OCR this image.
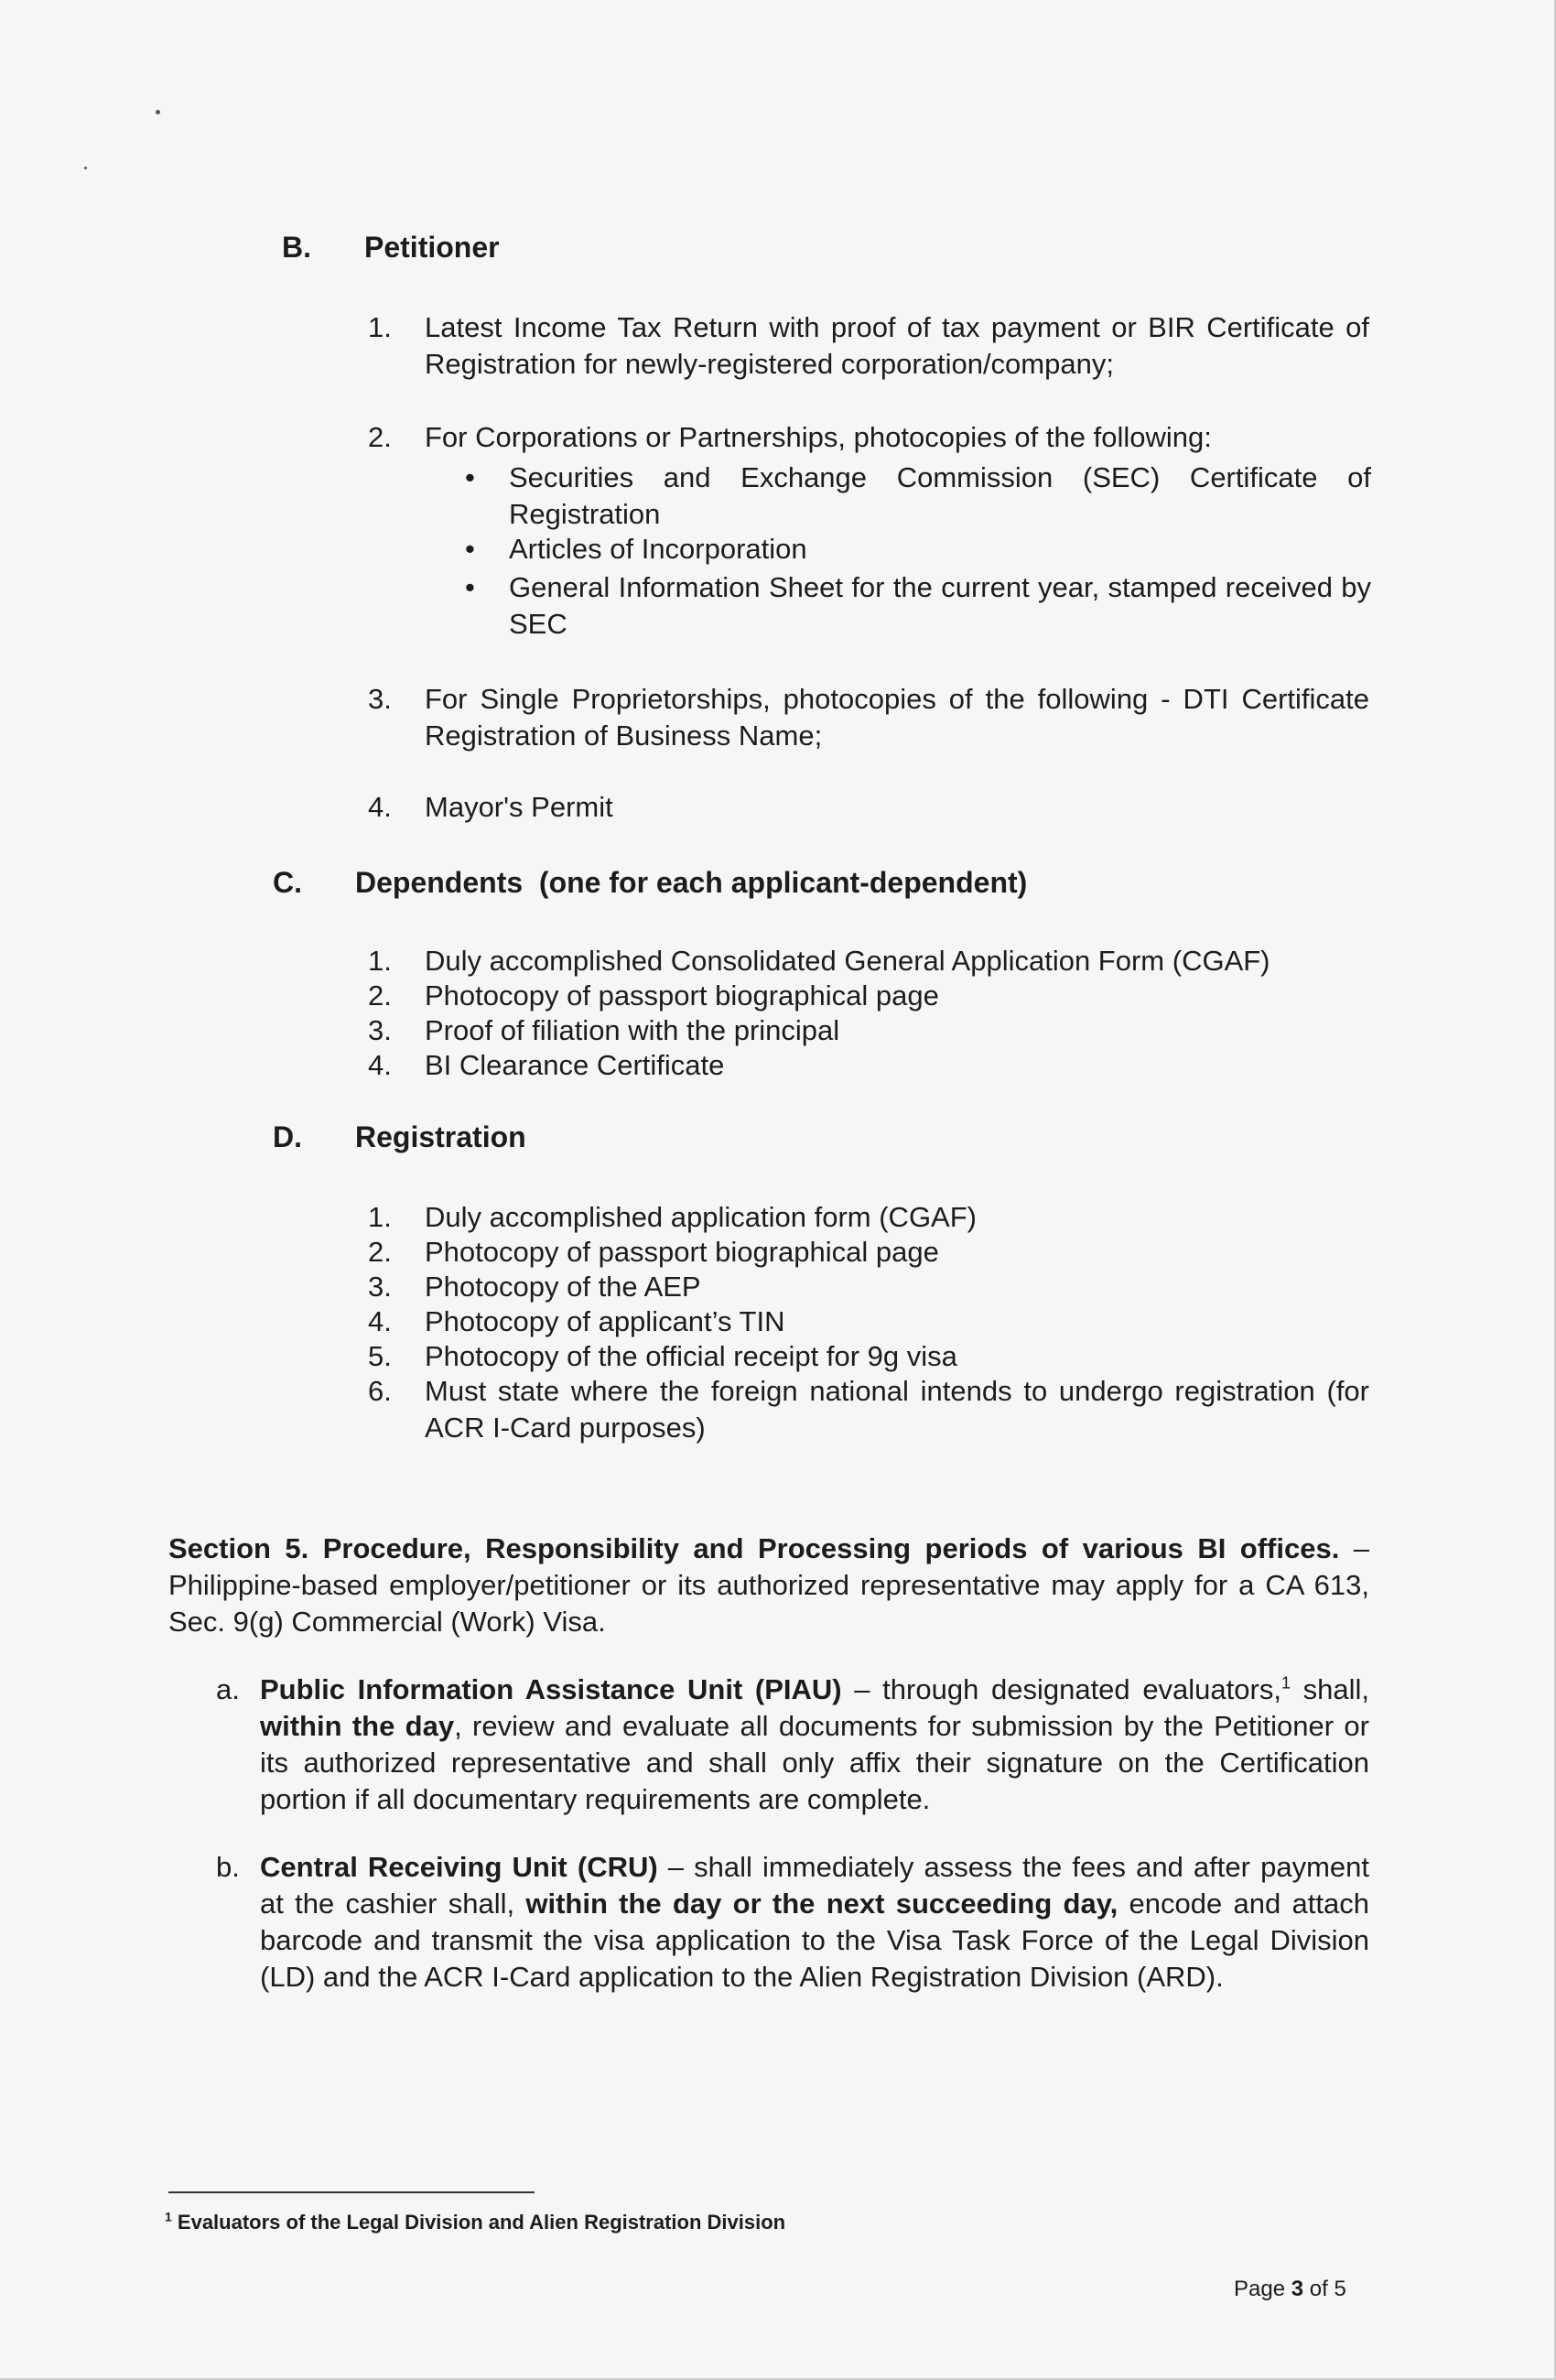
B. Petitioner
1.	Latest Income Tax Return with proof of tax payment or BIR Certificate of Registration for newly-registered corporation/company;
2.	For Corporations or Partnerships, photocopies of the following:
• Securities and Exchange Commission (SEC) Certificate of Registration
• Articles of Incorporation
• General Information Sheet for the current year, stamped received by SEC
3.	For Single Proprietorships, photocopies of the following - DTI Certificate Registration of Business Name;
4.	Mayor's Permit
C. Dependents  (one for each applicant-dependent)
1.	Duly accomplished Consolidated General Application Form (CGAF)
2.	Photocopy of passport biographical page
3.	Proof of filiation with the principal
4.	BI Clearance Certificate
D. Registration
1.	Duly accomplished application form (CGAF)
2.	Photocopy of passport biographical page
3.	Photocopy of the AEP
4.	Photocopy of applicant’s TIN
5.	Photocopy of the official receipt for 9g visa
6.	Must state where the foreign national intends to undergo registration (for ACR I-Card purposes)
Section 5. Procedure, Responsibility and Processing periods of various BI offices. – Philippine-based employer/petitioner or its authorized representative may apply for a CA 613, Sec. 9(g) Commercial (Work) Visa.
a. Public Information Assistance Unit (PIAU) – through designated evaluators,$^1$ shall, within the day, review and evaluate all documents for submission by the Petitioner or its authorized representative and shall only affix their signature on the Certification portion if all documentary requirements are complete.
b. Central Receiving Unit (CRU) – shall immediately assess the fees and after payment at the cashier shall, within the day or the next succeeding day, encode and attach barcode and transmit the visa application to the Visa Task Force of the Legal Division (LD) and the ACR I-Card application to the Alien Registration Division (ARD).
$^1$ Evaluators of the Legal Division and Alien Registration Division
Page 3 of 5
